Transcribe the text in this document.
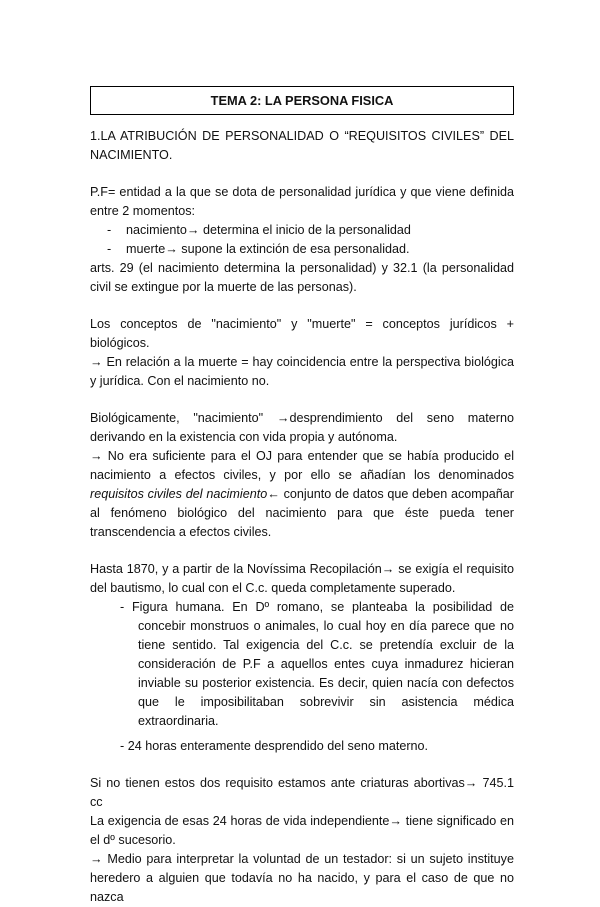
TEMA 2: LA PERSONA FISICA

1.LA ATRIBUCIÓN DE PERSONALIDAD O “REQUISITOS CIVILES” DEL NACIMIENTO.

P.F= entidad a la que se dota de personalidad jurídica y que viene definida entre 2 momentos:

- nacimiento→ determina el inicio de la personalidad
- muerte→ supone la extinción de esa personalidad.

arts. 29 (el nacimiento determina la personalidad) y 32.1 (la personalidad civil se extingue por la muerte de las personas).

Los conceptos de "nacimiento" y "muerte" = conceptos jurídicos + biológicos.

→ En relación a la muerte = hay coincidencia entre la perspectiva biológica y jurídica. Con el nacimiento no.

Biológicamente, "nacimiento" →desprendimiento del seno materno derivando en la existencia con vida propia y autónoma.

→ No era suficiente para el OJ para entender que se había producido el nacimiento a efectos civiles, y por ello se añadían los denominados requisitos civiles del nacimiento← conjunto de datos que deben acompañar al fenómeno biológico del nacimiento para que éste pueda tener transcendencia a efectos civiles.

Hasta 1870, y a partir de la Novíssima Recopilación→ se exigía el requisito del bautismo, lo cual con el C.c. queda completamente superado.

- Figura humana. En Dº romano, se planteaba la posibilidad de concebir monstruos o animales, lo cual hoy en día parece que no tiene sentido. Tal exigencia del C.c. se pretendía excluir de la consideración de P.F a aquellos entes cuya inmadurez hicieran inviable su posterior existencia. Es decir, quien nacía con defectos que le imposibilitaban sobrevivir sin asistencia médica extraordinaria.

- 24 horas enteramente desprendido del seno materno.

Si no tienen estos dos requisito estamos ante criaturas abortivas→ 745.1 cc

La exigencia de esas 24 horas de vida independiente→ tiene significado en el dº sucesorio.

→ Medio para interpretar la voluntad de un testador: si un sujeto instituye heredero a alguien que todavía no ha nacido, y para el caso de que no nazca
